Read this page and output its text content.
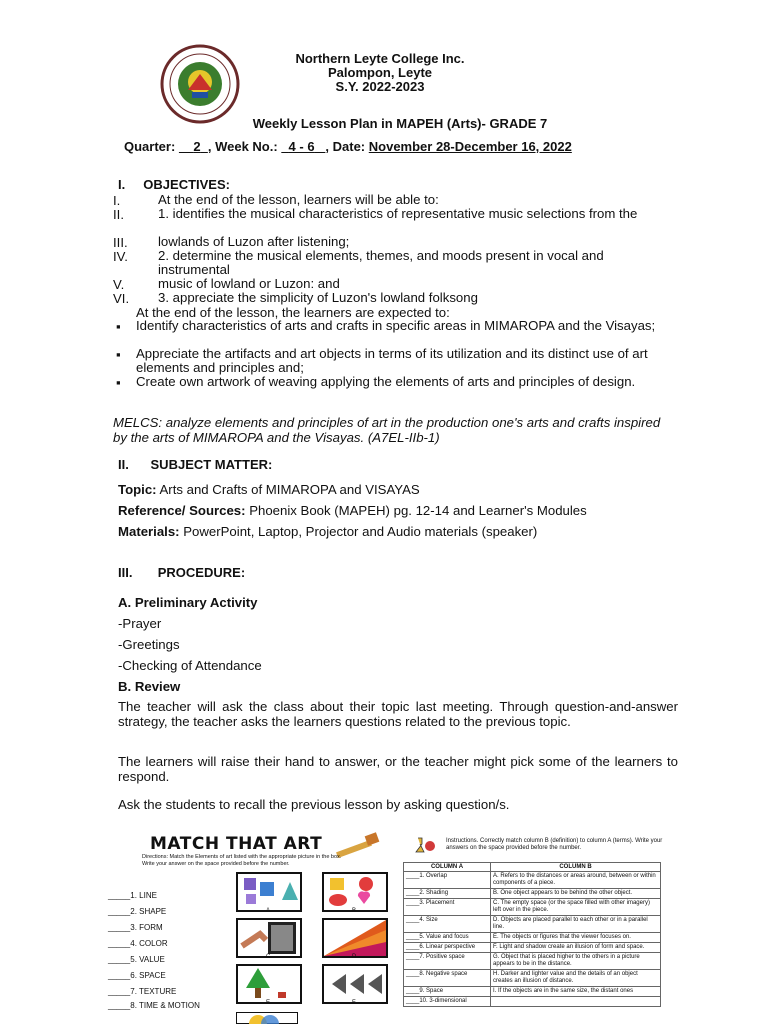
Northern Leyte College Inc.
Palompon, Leyte
S.Y. 2022-2023
Weekly Lesson Plan in MAPEH (Arts)- GRADE 7
Quarter: 2 , Week No.: 4 - 6 , Date: November 28-December 16, 2022
I. OBJECTIVES:
I.	At the end of the lesson, learners will be able to:
II.	1. identifies the musical characteristics of representative music selections from the
III.	lowlands of Luzon after listening;
IV.	2. determine the musical elements, themes, and moods present in vocal and instrumental
V.	music of lowland or Luzon: and
VI.	3. appreciate the simplicity of Luzon's lowland folksong
At the end of the lesson, the learners are expected to:
▪ Identify characteristics of arts and crafts in specific areas in MIMAROPA and the Visayas;
▪ Appreciate the artifacts and art objects in terms of its utilization and its distinct use of art elements and principles and;
▪ Create own artwork of weaving applying the elements of arts and principles of design.
MELCS: analyze elements and principles of art in the production one's arts and crafts inspired by the arts of MIMAROPA and the Visayas. (A7EL-IIb-1)
II. SUBJECT MATTER:
Topic: Arts and Crafts of MIMAROPA and VISAYAS
Reference/ Sources: Phoenix Book (MAPEH) pg. 12-14 and Learner's Modules
Materials: PowerPoint, Laptop, Projector and Audio materials (speaker)
III. PROCEDURE:
A. Preliminary Activity
-Prayer
-Greetings
-Checking of Attendance
B. Review
The teacher will ask the class about their topic last meeting. Through question-and-answer strategy, the teacher asks the learners questions related to the previous topic.
The learners will raise their hand to answer, or the teacher might pick some of the learners to respond.
Ask the students to recall the previous lesson by asking question/s.
MATCH THAT ART
Directions: Match the Elements of art listed with the appropriate picture in the box. Write your answer on the space provided before the number.
_____1. LINE
_____2. SHAPE
_____3. FORM
_____4. COLOR
_____5. VALUE
_____6. SPACE
_____7. TEXTURE
_____8. TIME & MOTION
A	B
C	D
E	F
Instructions. Correctly match column B (definition) to column A (terms). Write your answers on the space provided before the number.
COLUMN A	COLUMN B
____1. Overlap	A. Refers to the distances or areas around, between or within components of a piece.
____2. Shading	B. One object appears to be behind the other object.
____3. Placement	C. The empty space (or the space filled with other imagery) left over in the piece.
____4. Size	D. Objects are placed parallel to each other or in a parallel line.
____5. Value and focus	E. The objects or figures that the viewer focuses on.
____6. Linear perspective	F. Light and shadow create an illusion of form and space.
____7. Positive space	G. Object that is placed higher to the others in a picture appears to be in the distance.
____8. Negative space	H. Darker and lighter value and the details of an object creates an illusion of distance.
____9. Space	I. If the objects are in the same size, the distant ones
____10. 3-dimensional	
